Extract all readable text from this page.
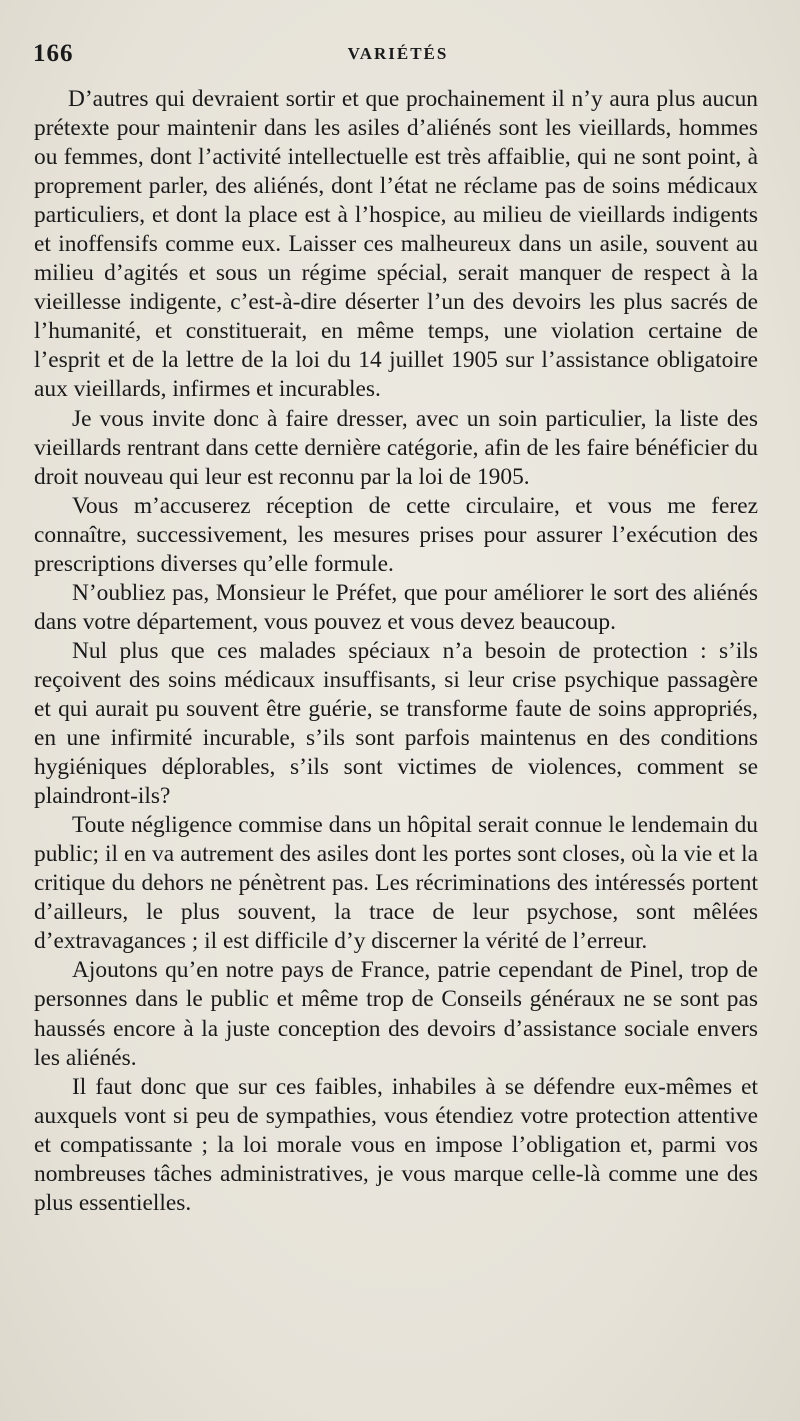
166	VARIÉTÉS

D’autres qui devraient sortir et que prochainement il n’y aura plus aucun prétexte pour maintenir dans les asiles d’aliénés sont les vieillards, hommes ou femmes, dont l’activité intellectuelle est très affaiblie, qui ne sont point, à proprement parler, des aliénés, dont l’état ne réclame pas de soins médicaux particuliers, et dont la place est à l’hospice, au milieu de vieillards indigents et inoffensifs comme eux. Laisser ces malheureux dans un asile, souvent au milieu d’agités et sous un régime spécial, serait manquer de respect à la vieillesse indigente, c’est-à-dire déserter l’un des devoirs les plus sacrés de l’humanité, et constituerait, en même temps, une violation certaine de l’esprit et de la lettre de la loi du 14 juillet 1905 sur l’assistance obligatoire aux vieillards, infirmes et incurables.

Je vous invite donc à faire dresser, avec un soin particulier, la liste des vieillards rentrant dans cette dernière catégorie, afin de les faire bénéficier du droit nouveau qui leur est reconnu par la loi de 1905.

Vous m’accuserez réception de cette circulaire, et vous me ferez connaître, successivement, les mesures prises pour assurer l’exécution des prescriptions diverses qu’elle formule.

N’oubliez pas, Monsieur le Préfet, que pour améliorer le sort des aliénés dans votre département, vous pouvez et vous devez beaucoup.

Nul plus que ces malades spéciaux n’a besoin de protection : s’ils reçoivent des soins médicaux insuffisants, si leur crise psychique passagère et qui aurait pu souvent être guérie, se transforme faute de soins appropriés, en une infirmité incurable, s’ils sont parfois maintenus en des conditions hygiéniques déplorables, s’ils sont victimes de violences, comment se plaindront-ils?

Toute négligence commise dans un hôpital serait connue le lendemain du public; il en va autrement des asiles dont les portes sont closes, où la vie et la critique du dehors ne pénètrent pas. Les récriminations des intéressés portent d’ailleurs, le plus souvent, la trace de leur psychose, sont mêlées d’extravagances ; il est difficile d’y discerner la vérité de l’erreur.

Ajoutons qu’en notre pays de France, patrie cependant de Pinel, trop de personnes dans le public et même trop de Conseils généraux ne se sont pas haussés encore à la juste conception des devoirs d’assistance sociale envers les aliénés.

Il faut donc que sur ces faibles, inhabiles à se défendre eux-mêmes et auxquels vont si peu de sympathies, vous étendiez votre protection attentive et compatissante ; la loi morale vous en impose l’obligation et, parmi vos nombreuses tâches administratives, je vous marque celle-là comme une des plus essentielles.
